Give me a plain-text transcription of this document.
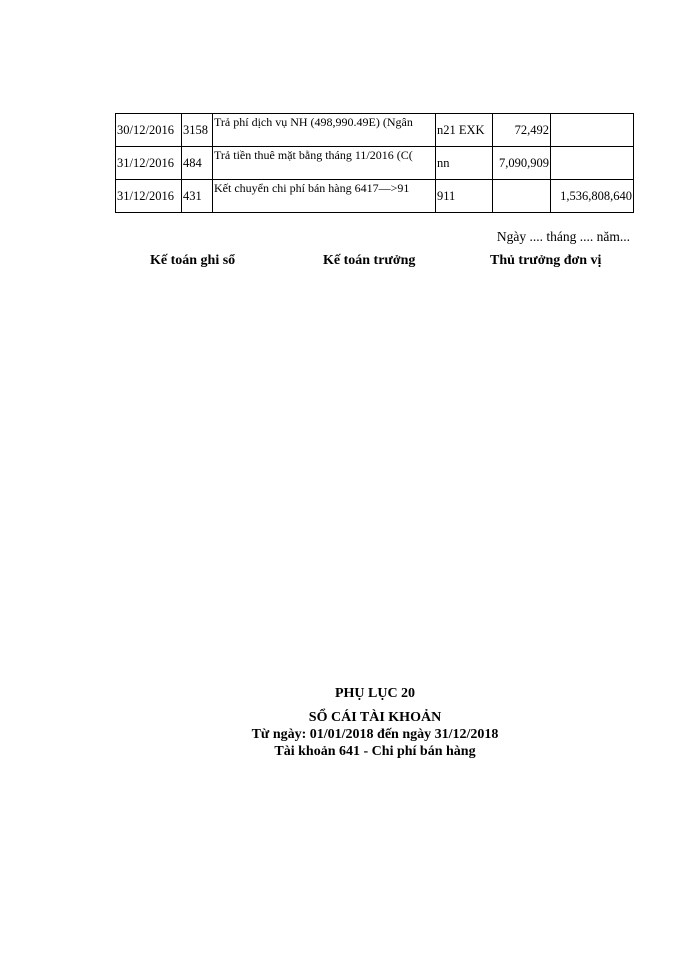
30/12/2016	3158	Trả phí dịch vụ NH (498,990.49E) (Ngân	n21 EXK	72,492	
31/12/2016	484	Trả tiền thuê mặt bằng tháng 11/2016 (C(	nn	7,090,909	
31/12/2016	431	Kết chuyển chi phí bán hàng 6417—>91	911		1,536,808,640
Ngày .... tháng .... năm...
Kế toán ghi sổ	Kế toán trưởng	Thủ trưởng đơn vị
PHỤ LỤC 20
SỔ CÁI TÀI KHOẢN
Từ ngày: 01/01/2018 đến ngày 31/12/2018
Tài khoản 641 - Chi phí bán hàng
